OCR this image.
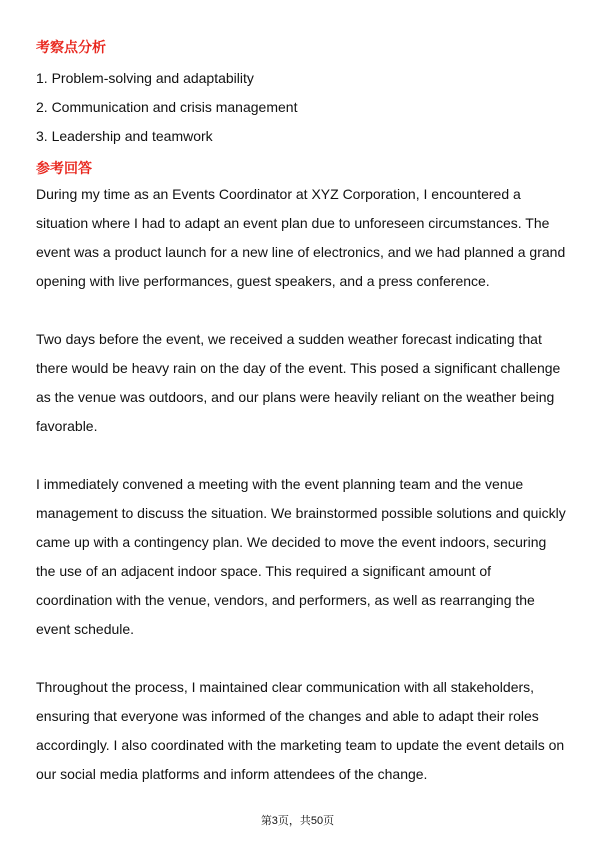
考察点分析
1. Problem-solving and adaptability
2. Communication and crisis management
3. Leadership and teamwork
参考回答

During my time as an Events Coordinator at XYZ Corporation, I encountered a situation where I had to adapt an event plan due to unforeseen circumstances. The event was a product launch for a new line of electronics, and we had planned a grand opening with live performances, guest speakers, and a press conference.

Two days before the event, we received a sudden weather forecast indicating that there would be heavy rain on the day of the event. This posed a significant challenge as the venue was outdoors, and our plans were heavily reliant on the weather being favorable.

I immediately convened a meeting with the event planning team and the venue management to discuss the situation. We brainstormed possible solutions and quickly came up with a contingency plan. We decided to move the event indoors, securing the use of an adjacent indoor space. This required a significant amount of coordination with the venue, vendors, and performers, as well as rearranging the event schedule.

Throughout the process, I maintained clear communication with all stakeholders, ensuring that everyone was informed of the changes and able to adapt their roles accordingly. I also coordinated with the marketing team to update the event details on our social media platforms and inform attendees of the change.

第3页，共50页
